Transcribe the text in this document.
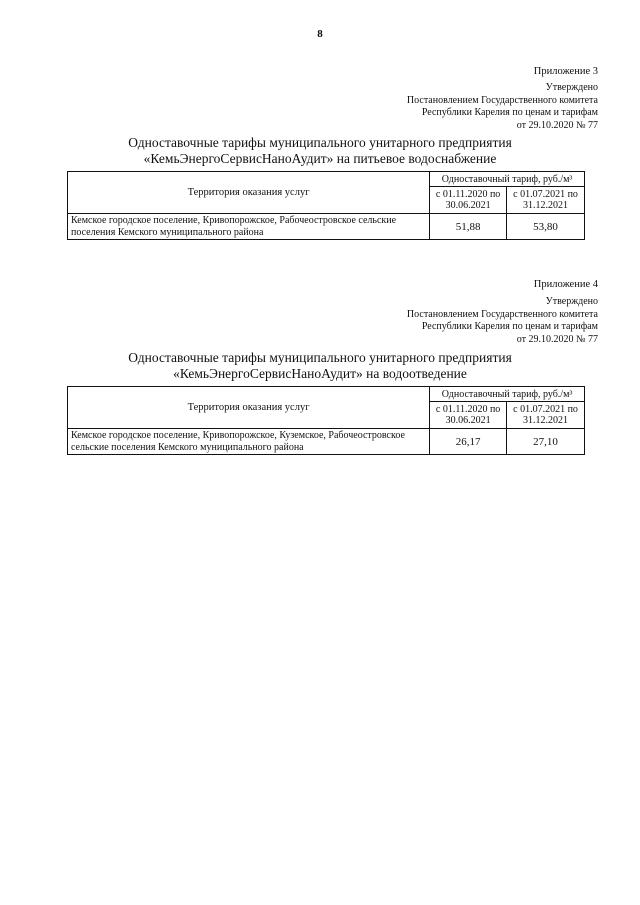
8
Приложение 3
Утверждено
Постановлением Государственного комитета
Республики Карелия по ценам и тарифам
от 29.10.2020 № 77
Одноставочные тарифы муниципального унитарного предприятия
«КемьЭнергоСервисНаноАудит» на питьевое водоснабжение
Территория оказания услуг	Одноставочный тариф, руб./м³	
	с 01.11.2020 по 30.06.2021	с 01.07.2021 по 31.12.2021
Кемское городское поселение, Кривопорожское, Рабочеостровское сельские поселения Кемского муниципального района	51,88	53,80
Приложение 4
Утверждено
Постановлением Государственного комитета
Республики Карелия по ценам и тарифам
от 29.10.2020 № 77
Одноставочные тарифы муниципального унитарного предприятия
«КемьЭнергоСервисНаноАудит» на водоотведение
Территория оказания услуг	Одноставочный тариф, руб./м³	
	с 01.11.2020 по 30.06.2021	с 01.07.2021 по 31.12.2021
Кемское городское поселение, Кривопорожское, Куземское, Рабочеостровское сельские поселения Кемского муниципального района	26,17	27,10
